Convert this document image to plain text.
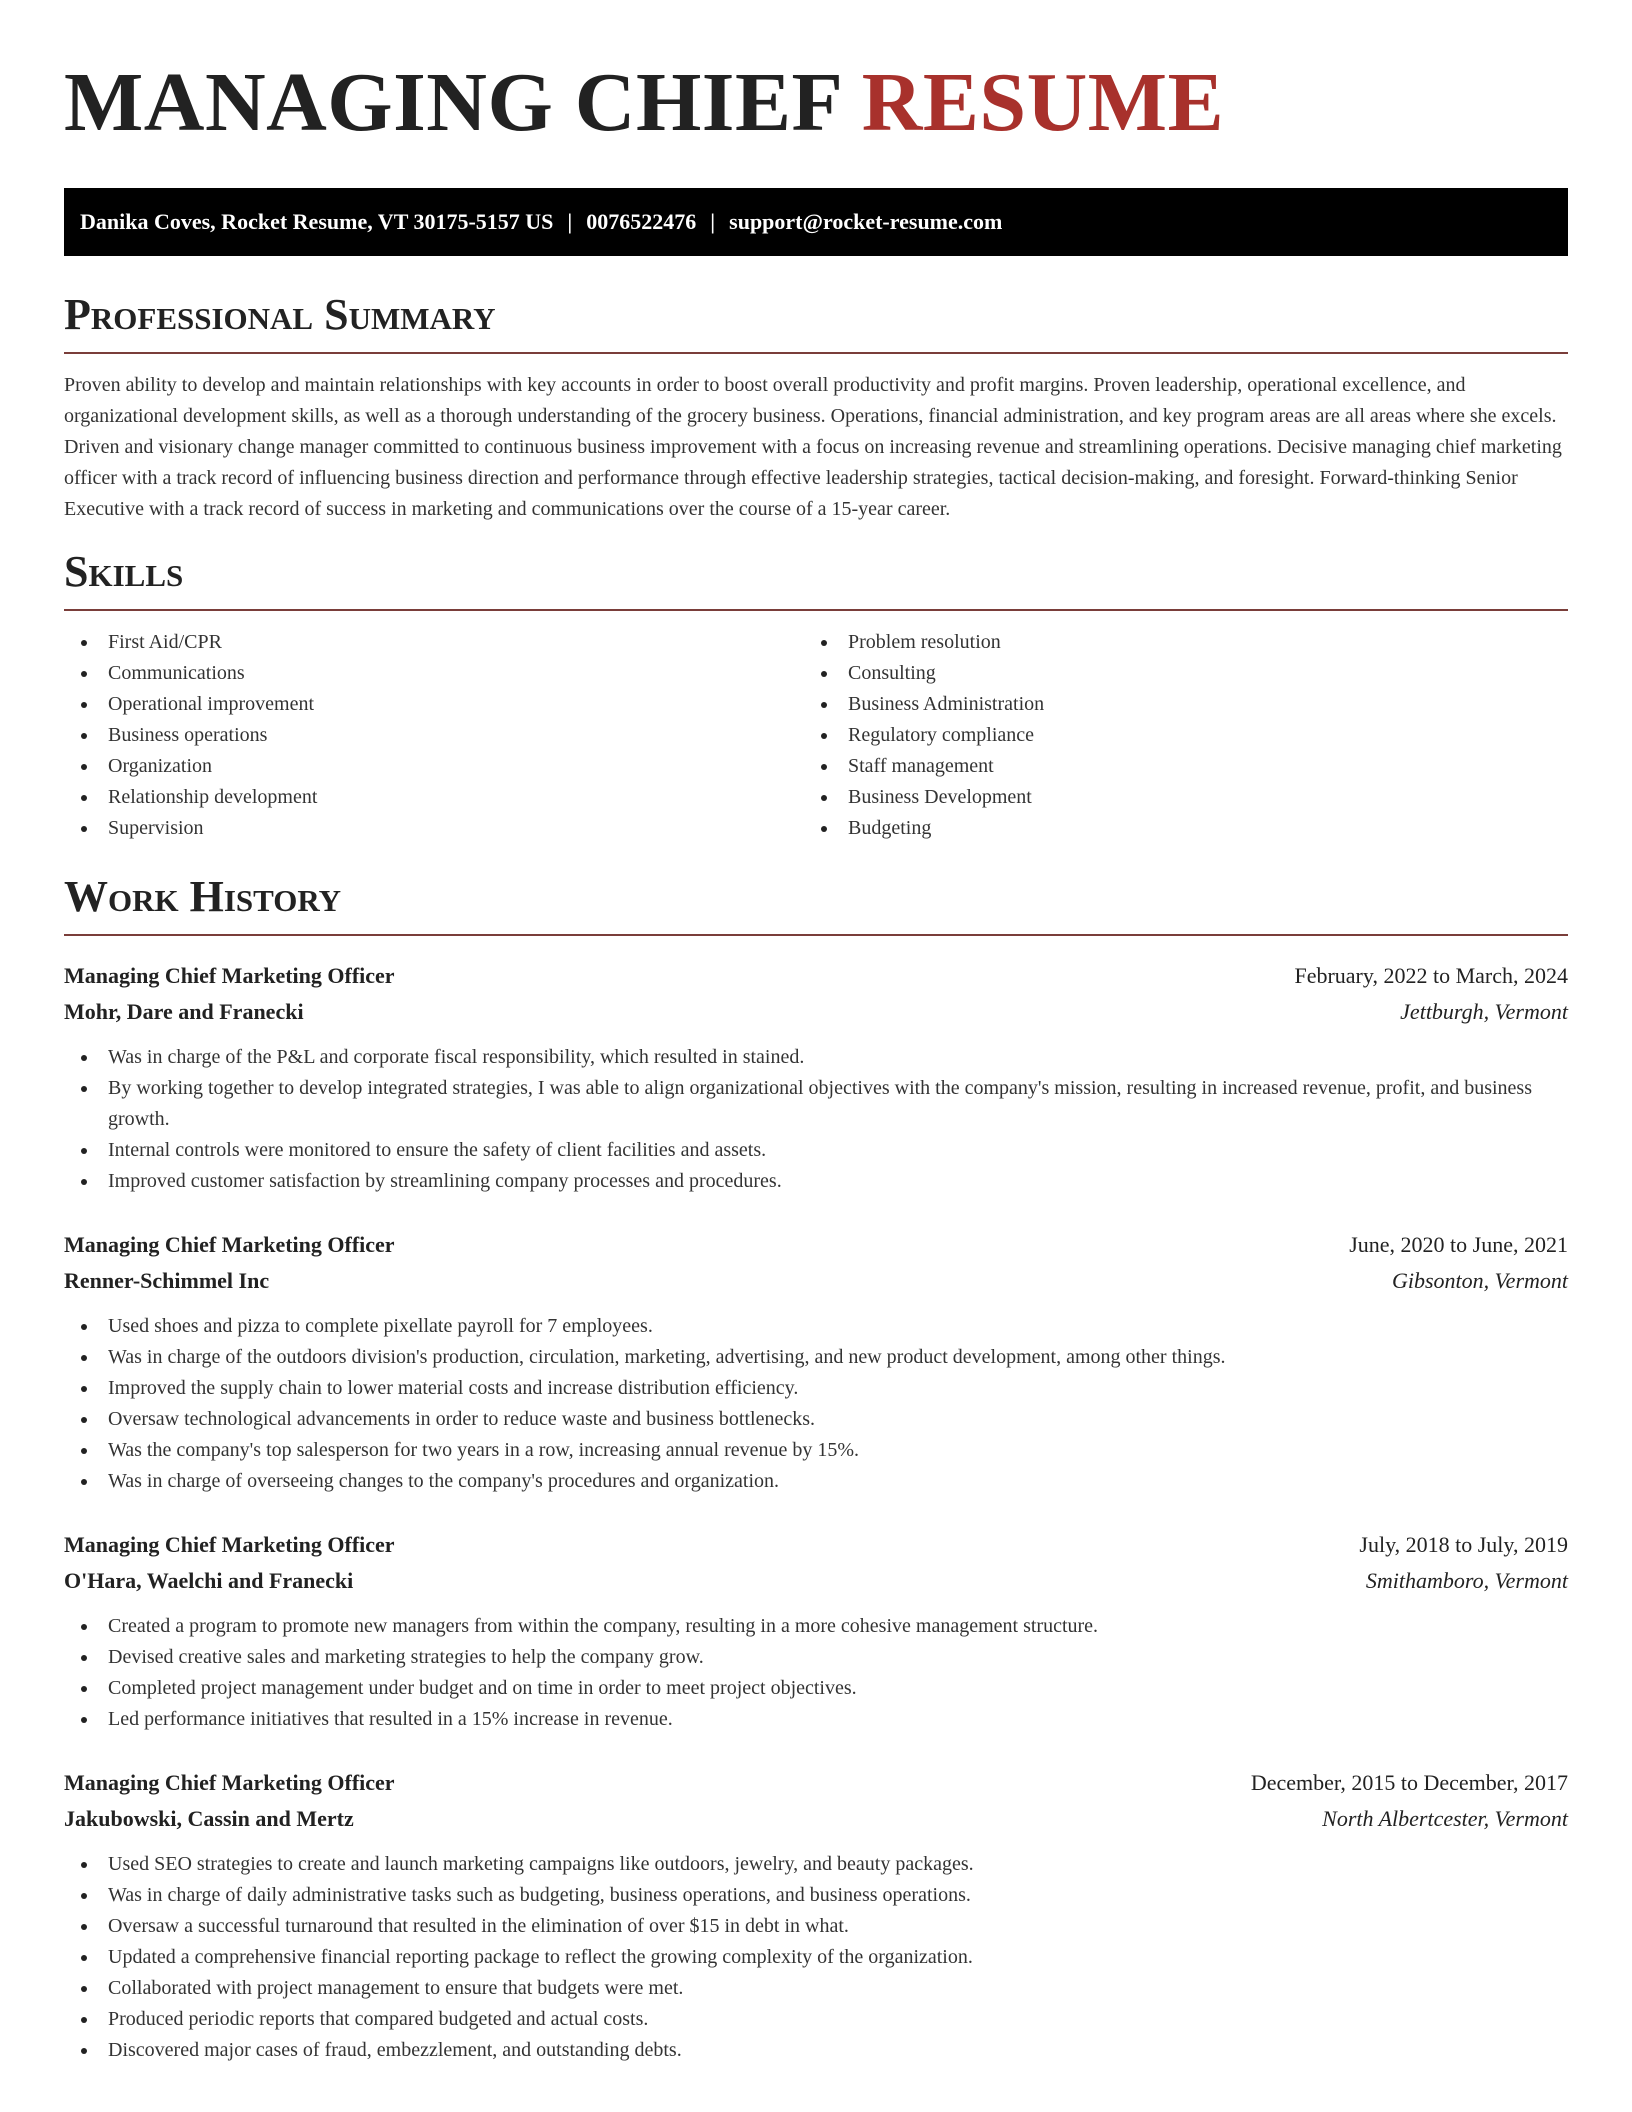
MANAGING CHIEF RESUME
Danika Coves, Rocket Resume, VT 30175-5157 US | 0076522476 | support@rocket-resume.com
Professional Summary

Proven ability to develop and maintain relationships with key accounts in order to boost overall productivity and profit margins. Proven leadership, operational excellence, and organizational development skills, as well as a thorough understanding of the grocery business. Operations, financial administration, and key program areas are all areas where she excels. Driven and visionary change manager committed to continuous business improvement with a focus on increasing revenue and streamlining operations. Decisive managing chief marketing officer with a track record of influencing business direction and performance through effective leadership strategies, tactical decision-making, and foresight. Forward-thinking Senior Executive with a track record of success in marketing and communications over the course of a 15-year career.

Skills
First Aid/CPR
Communications
Operational improvement
Business operations
Organization
Relationship development
Supervision
Problem resolution
Consulting
Business Administration
Regulatory compliance
Staff management
Business Development
Budgeting
Work History
Managing Chief Marketing Officer	February, 2022 to March, 2024
Mohr, Dare and Franecki	Jettburgh, Vermont
Was in charge of the P&L and corporate fiscal responsibility, which resulted in stained.
By working together to develop integrated strategies, I was able to align organizational objectives with the company's mission, resulting in increased revenue, profit, and business growth.
Internal controls were monitored to ensure the safety of client facilities and assets.
Improved customer satisfaction by streamlining company processes and procedures.
Managing Chief Marketing Officer	June, 2020 to June, 2021
Renner-Schimmel Inc	Gibsonton, Vermont
Used shoes and pizza to complete pixellate payroll for 7 employees.
Was in charge of the outdoors division's production, circulation, marketing, advertising, and new product development, among other things.
Improved the supply chain to lower material costs and increase distribution efficiency.
Oversaw technological advancements in order to reduce waste and business bottlenecks.
Was the company's top salesperson for two years in a row, increasing annual revenue by 15%.
Was in charge of overseeing changes to the company's procedures and organization.
Managing Chief Marketing Officer	July, 2018 to July, 2019
O'Hara, Waelchi and Franecki	Smithamboro, Vermont
Created a program to promote new managers from within the company, resulting in a more cohesive management structure.
Devised creative sales and marketing strategies to help the company grow.
Completed project management under budget and on time in order to meet project objectives.
Led performance initiatives that resulted in a 15% increase in revenue.
Managing Chief Marketing Officer	December, 2015 to December, 2017
Jakubowski, Cassin and Mertz	North Albertcester, Vermont
Used SEO strategies to create and launch marketing campaigns like outdoors, jewelry, and beauty packages.
Was in charge of daily administrative tasks such as budgeting, business operations, and business operations.
Oversaw a successful turnaround that resulted in the elimination of over $15 in debt in what.
Updated a comprehensive financial reporting package to reflect the growing complexity of the organization.
Collaborated with project management to ensure that budgets were met.
Produced periodic reports that compared budgeted and actual costs.
Discovered major cases of fraud, embezzlement, and outstanding debts.
